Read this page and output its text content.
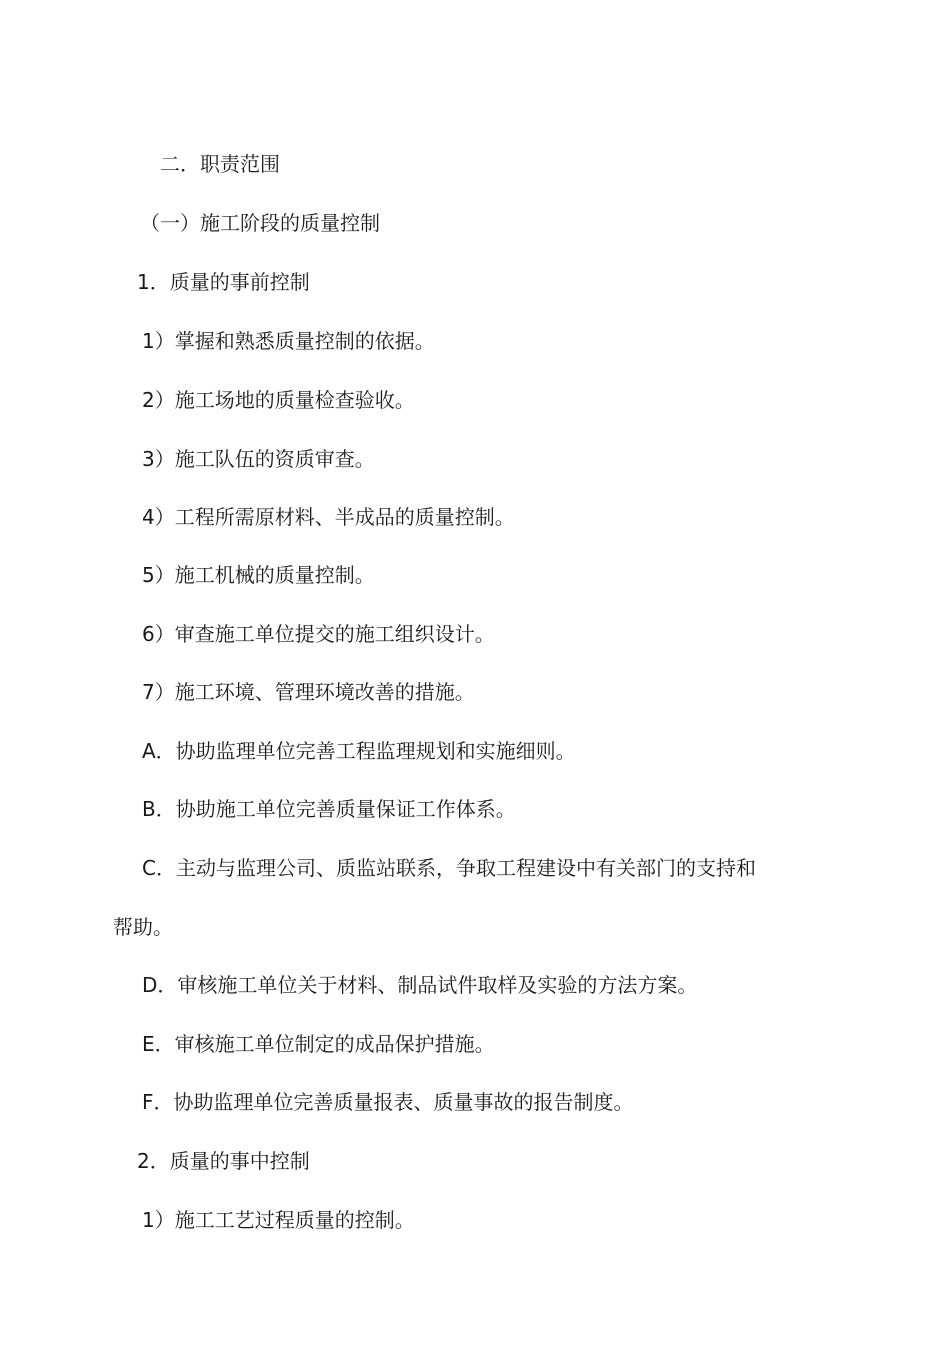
二．职责范围
（一）施工阶段的质量控制
1．质量的事前控制
1）掌握和熟悉质量控制的依据。
2）施工场地的质量检查验收。
3）施工队伍的资质审查。
4）工程所需原材料、半成品的质量控制。
5）施工机械的质量控制。
6）审查施工单位提交的施工组织设计。
7）施工环境、管理环境改善的措施。
A．协助监理单位完善工程监理规划和实施细则。
B．协助施工单位完善质量保证工作体系。
C．主动与监理公司、质监站联系，争取工程建设中有关部门的支持和
帮助。
D．审核施工单位关于材料、制品试件取样及实验的方法方案。
E．审核施工单位制定的成品保护措施。
F．协助监理单位完善质量报表、质量事故的报告制度。
2．质量的事中控制
1）施工工艺过程质量的控制。
